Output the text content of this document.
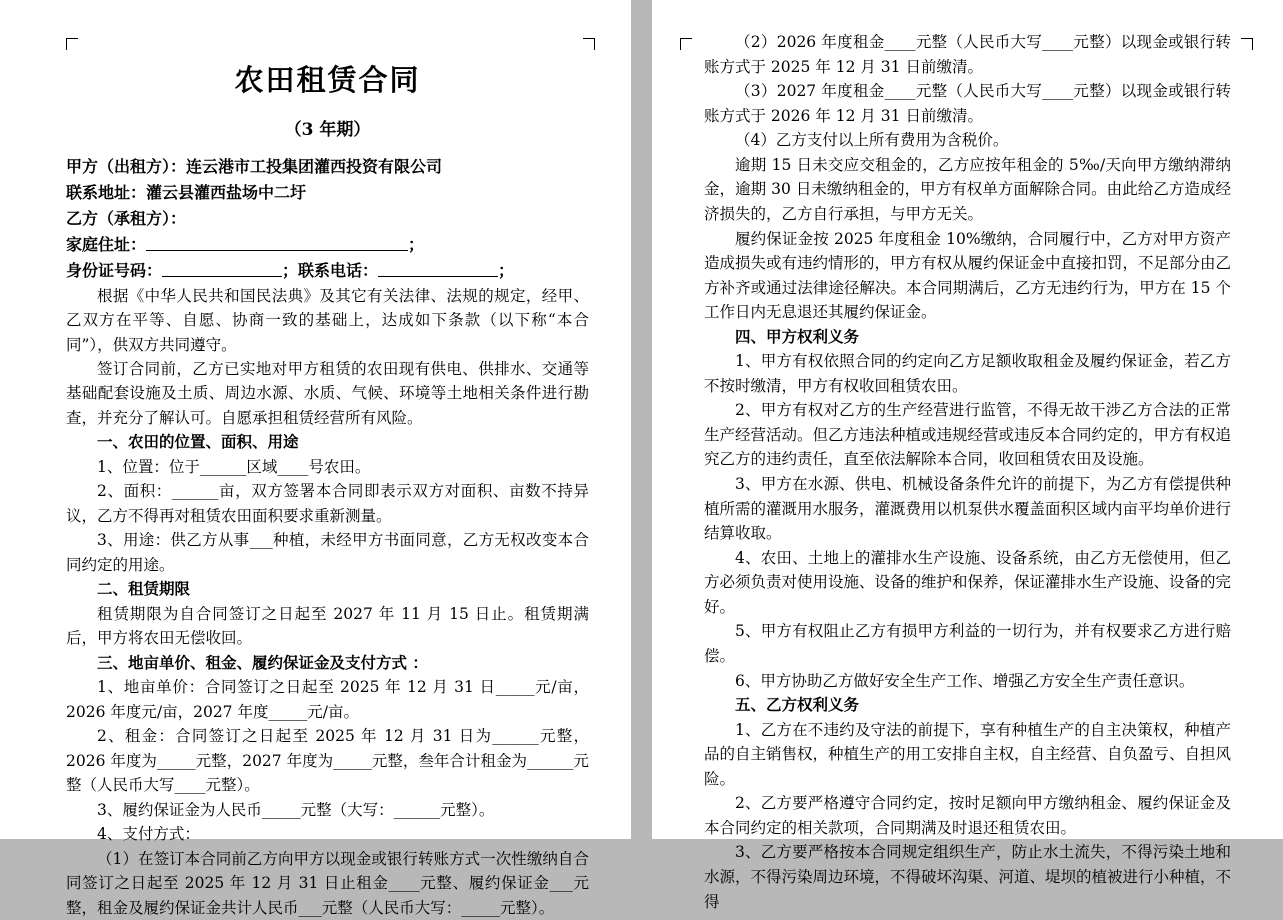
农田租赁合同
（3 年期）
甲方（出租方）：连云港市工投集团灌西投资有限公司
联系地址：灌云县灌西盐场中二圩
乙方（承租方）：
家庭住址：	；
身份证号码：	；联系电话：	；

根据《中华人民共和国民法典》及其它有关法律、法规的规定，经甲、乙双方在平等、自愿、协商一致的基础上，达成如下条款（以下称“本合同”），供双方共同遵守。

签订合同前，乙方已实地对甲方租赁的农田现有供电、供排水、交通等基础配套设施及土质、周边水源、水质、气候、环境等土地相关条件进行勘查，并充分了解认可。自愿承担租赁经营所有风险。

一、农田的位置、面积、用途

1、位置：位于______区域____号农田。

2、面积：______亩，双方签署本合同即表示双方对面积、亩数不持异议，乙方不得再对租赁农田面积要求重新测量。

3、用途：供乙方从事___种植，未经甲方书面同意，乙方无权改变本合同约定的用途。

二、租赁期限

租赁期限为自合同签订之日起至 2027 年 11 月 15 日止。租赁期满后，甲方将农田无偿收回。

三、地亩单价、租金、履约保证金及支付方式 ：

1、地亩单价：合同签订之日起至 2025 年 12 月 31 日_____元/亩，2026 年度元/亩，2027 年度_____元/亩。

2、租金：合同签订之日起至 2025 年 12 月 31 日为______元整，2026 年度为_____元整，2027 年度为_____元整，叁年合计租金为______元整（人民币大写____元整）。

3、履约保证金为人民币_____元整（大写：______元整）。

4、支付方式：

（1）在签订本合同前乙方向甲方以现金或银行转账方式一次性缴纳自合同签订之日起至 2025 年 12 月 31 日止租金____元整、履约保证金___元整，租金及履约保证金共计人民币___元整（人民币大写：_____元整）。

（2）2026 年度租金____元整（人民币大写____元整）以现金或银行转账方式于 2025 年 12 月 31 日前缴清。

（3）2027 年度租金____元整（人民币大写____元整）以现金或银行转账方式于 2026 年 12 月 31 日前缴清。

（4）乙方支付以上所有费用为含税价。

逾期 15 日未交应交租金的，乙方应按年租金的 5‰/天向甲方缴纳滞纳金，逾期 30 日未缴纳租金的，甲方有权单方面解除合同。由此给乙方造成经济损失的，乙方自行承担，与甲方无关。

履约保证金按 2025 年度租金 10%缴纳，合同履行中，乙方对甲方资产造成损失或有违约情形的，甲方有权从履约保证金中直接扣罚，不足部分由乙方补齐或通过法律途径解决。本合同期满后，乙方无违约行为，甲方在 15 个工作日内无息退还其履约保证金。

四、甲方权利义务

1、甲方有权依照合同的约定向乙方足额收取租金及履约保证金，若乙方不按时缴清，甲方有权收回租赁农田。

2、甲方有权对乙方的生产经营进行监管，不得无故干涉乙方合法的正常生产经营活动。但乙方违法种植或违规经营或违反本合同约定的，甲方有权追究乙方的违约责任，直至依法解除本合同，收回租赁农田及设施。

3、甲方在水源、供电、机械设备条件允许的前提下，为乙方有偿提供种植所需的灌溉用水服务，灌溉费用以机泵供水覆盖面积区域内亩平均单价进行结算收取。

4、农田、土地上的灌排水生产设施、设备系统，由乙方无偿使用，但乙方必须负责对使用设施、设备的维护和保养，保证灌排水生产设施、设备的完好。

5、甲方有权阻止乙方有损甲方利益的一切行为，并有权要求乙方进行赔偿。

6、甲方协助乙方做好安全生产工作、增强乙方安全生产责任意识。

五、乙方权利义务

1、乙方在不违约及守法的前提下，享有种植生产的自主决策权，种植产品的自主销售权，种植生产的用工安排自主权，自主经营、自负盈亏、自担风险。

2、乙方要严格遵守合同约定，按时足额向甲方缴纳租金、履约保证金及本合同约定的相关款项，合同期满及时退还租赁农田。

3、乙方要严格按本合同规定组织生产，防止水土流失，不得污染土地和水源，不得污染周边环境，不得破坏沟渠、河道、堤坝的植被进行小种植，不得
